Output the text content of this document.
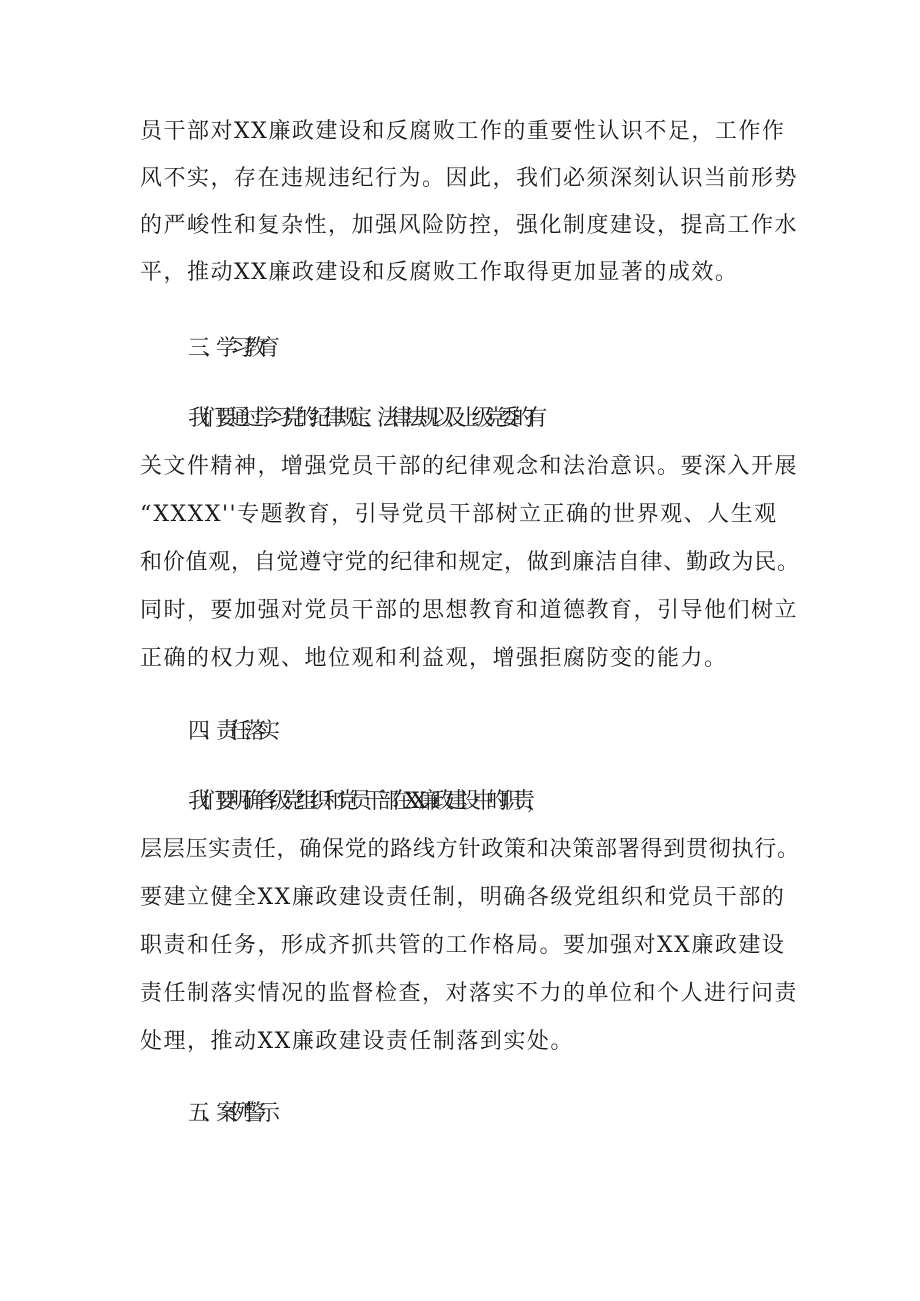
员干部对XX廉政建设和反腐败工作的重要性认识不足，工作作
风不实，存在违规违纪行为。因此，我们必须深刻认识当前形势
的严峻性和复杂性，加强风险防控，强化制度建设，提高工作水
平，推动XX廉政建设和反腐败工作取得更加显著的成效。
三、学习教育
我们要通过学习党的纪律规定、法律法规以及上级党委的有
关文件精神，增强党员干部的纪律观念和法治意识。要深入开展
“XXXX''专题教育，引导党员干部树立正确的世界观、人生观
和价值观，自觉遵守党的纪律和规定，做到廉洁自律、勤政为民。
同时，要加强对党员干部的思想教育和道德教育，引导他们树立
正确的权力观、地位观和利益观，增强拒腐防变的能力。
四、责任落实
我们要明确各级党组织和党员干部在XX廉政建设中的职责，
层层压实责任，确保党的路线方针政策和决策部署得到贯彻执行。
要建立健全XX廉政建设责任制，明确各级党组织和党员干部的
职责和任务，形成齐抓共管的工作格局。要加强对XX廉政建设
责任制落实情况的监督检查，对落实不力的单位和个人进行问责
处理，推动XX廉政建设责任制落到实处。
五、案例警示
